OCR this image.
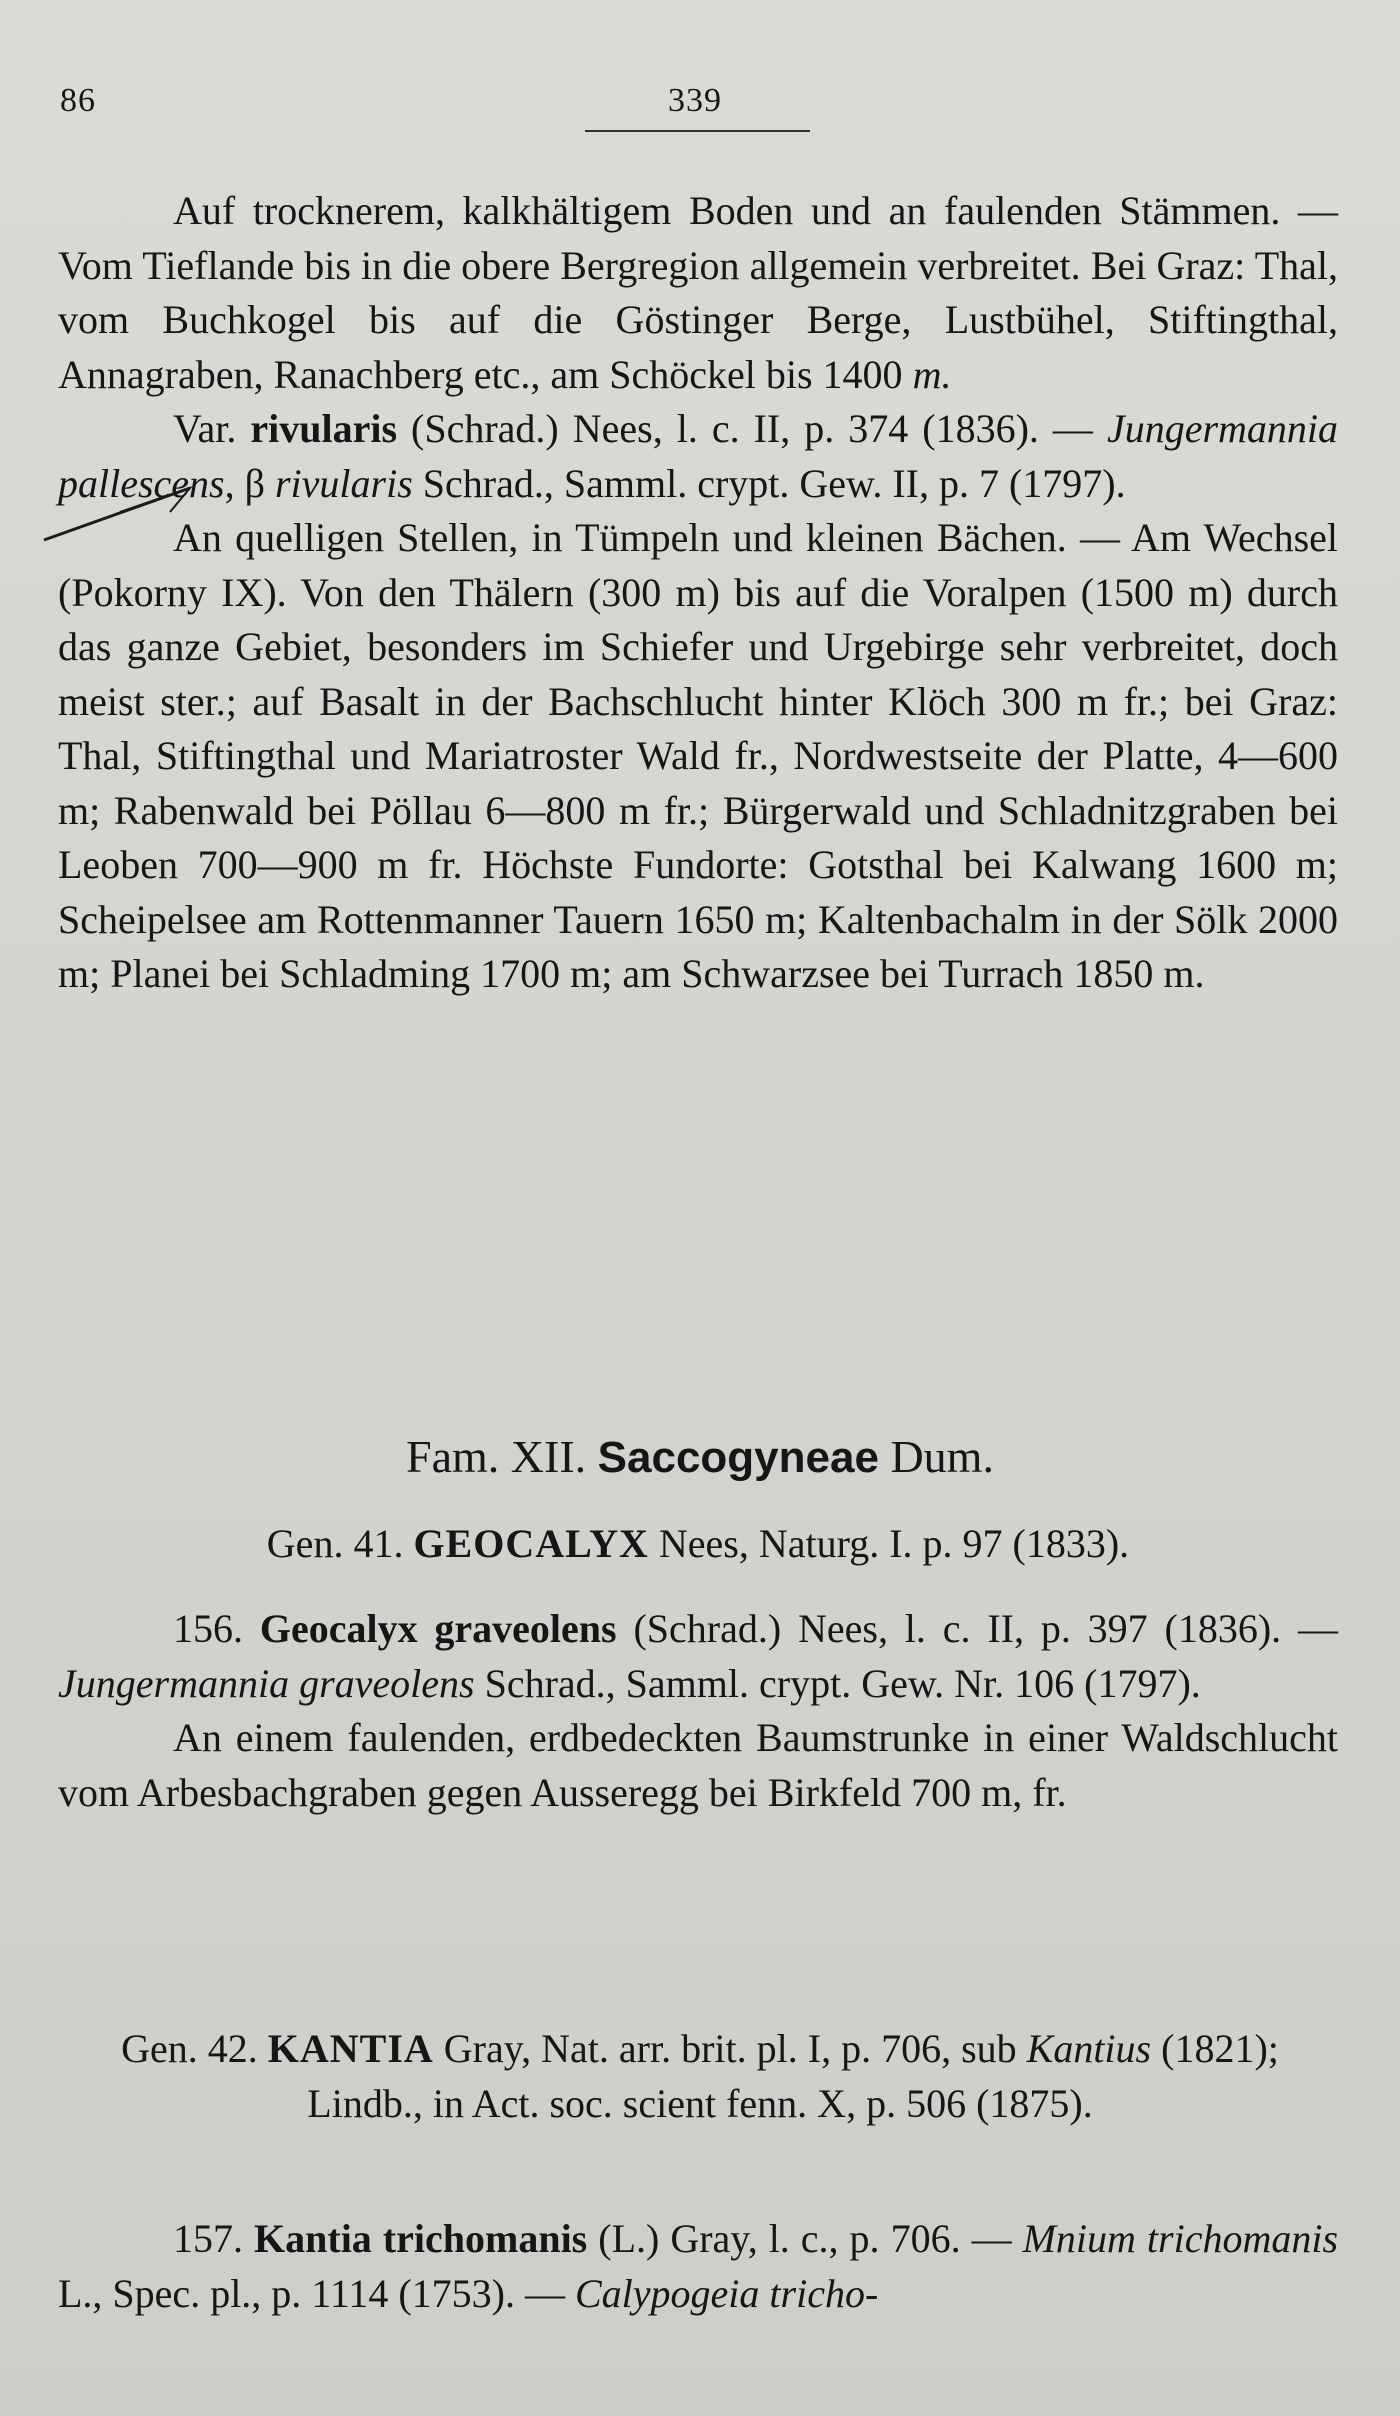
86	339

Auf trocknerem, kalkhältigem Boden und an faulenden Stämmen. — Vom Tieflande bis in die obere Bergregion allgemein verbreitet. Bei Graz: Thal, vom Buchkogel bis auf die Göstinger Berge, Lustbühel, Stiftingthal, Annagraben, Ranachberg etc., am Schöckel bis 1400 m.

Var. rivularis (Schrad.) Nees, l. c. II, p. 374 (1836). — Jungermannia pallescens, β rivularis Schrad., Samml. crypt. Gew. II, p. 7 (1797).

An quelligen Stellen, in Tümpeln und kleinen Bächen. — Am Wechsel (Pokorny IX). Von den Thälern (300 m) bis auf die Voralpen (1500 m) durch das ganze Gebiet, besonders im Schiefer und Urgebirge sehr verbreitet, doch meist ster.; auf Basalt in der Bachschlucht hinter Klöch 300 m fr.; bei Graz: Thal, Stiftingthal und Mariatroster Wald fr., Nordwestseite der Platte, 4—600 m; Rabenwald bei Pöllau 6—800 m fr.; Bürgerwald und Schladnitzgraben bei Leoben 700—900 m fr. Höchste Fundorte: Gotsthal bei Kalwang 1600 m; Scheipelsee am Rottenmanner Tauern 1650 m; Kaltenbachalm in der Sölk 2000 m; Planei bei Schladming 1700 m; am Schwarzsee bei Turrach 1850 m.

Fam. XII. Saccogyneae Dum.

Gen. 41. GEOCALYX Nees, Naturg. I. p. 97 (1833).

156. Geocalyx graveolens (Schrad.) Nees, l. c. II, p. 397 (1836). — Jungermannia graveolens Schrad., Samml. crypt. Gew. Nr. 106 (1797).

An einem faulenden, erdbedeckten Baumstrunke in einer Waldschlucht vom Arbesbachgraben gegen Ausseregg bei Birkfeld 700 m, fr.

Gen. 42. KANTIA Gray, Nat. arr. brit. pl. I, p. 706, sub Kantius (1821); Lindb., in Act. soc. scient fenn. X, p. 506 (1875).

157. Kantia trichomanis (L.) Gray, l. c., p. 706. — Mnium trichomanis L., Spec. pl., p. 1114 (1753). — Calypogeia tricho-
